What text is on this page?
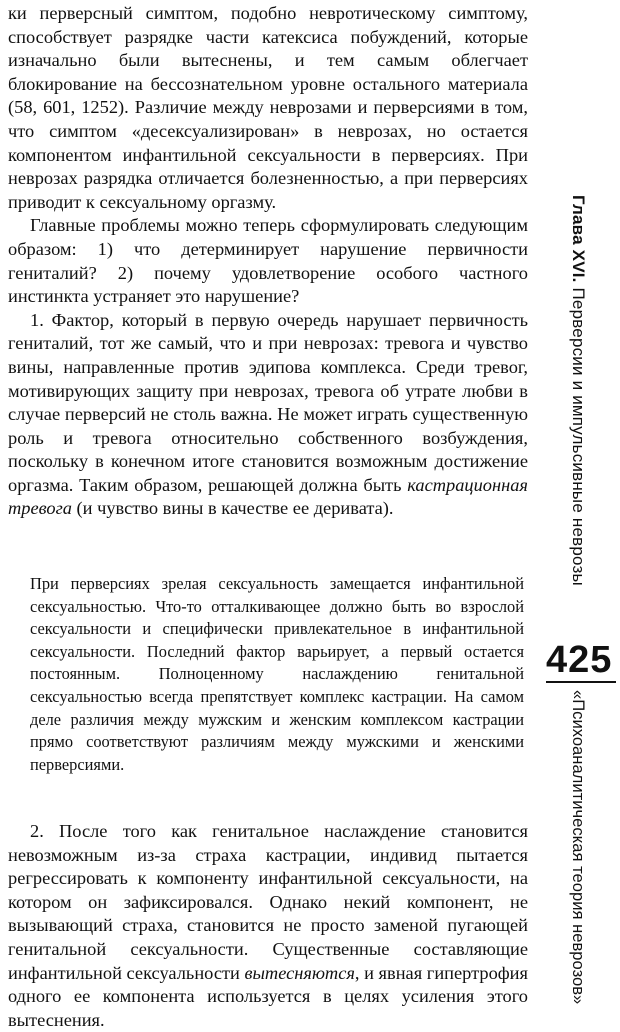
ки перверсный симптом, подобно невротическому симптому, способствует разрядке части катексиса побуждений, которые изначально были вытеснены, и тем самым облегчает блокирование на бессознательном уровне остального материала (58, 601, 1252). Различие между неврозами и перверсиями в том, что симптом «десексуализирован» в неврозах, но остается компонентом инфантильной сексуальности в перверсиях. При неврозах разрядка отличается болезненностью, а при перверсиях приводит к сексуальному оргазму.

Главные проблемы можно теперь сформулировать следующим образом: 1) что детерминирует нарушение первичности гениталий? 2) почему удовлетворение особого частного инстинкта устраняет это нарушение?

1. Фактор, который в первую очередь нарушает первичность гениталий, тот же самый, что и при неврозах: тревога и чувство вины, направленные против эдипова комплекса. Среди тревог, мотивирующих защиту при неврозах, тревога об утрате любви в случае перверсий не столь важна. Не может играть существенную роль и тревога относительно собственного возбуждения, поскольку в конечном итоге становится возможным достижение оргазма. Таким образом, решающей должна быть кастрационная тревога (и чувство вины в качестве ее деривата).

При перверсиях зрелая сексуальность замещается инфантильной сексуальностью. Что-то отталкивающее должно быть во взрослой сексуальности и специфически привлекательное в инфантильной сексуальности. Последний фактор варьирует, а первый остается постоянным. Полноценному наслаждению генитальной сексуальностью всегда препятствует комплекс кастрации. На самом деле различия между мужским и женским комплексом кастрации прямо соответствуют различиям между мужскими и женскими перверсиями.

2. После того как генитальное наслаждение становится невозможным из-за страха кастрации, индивид пытается регрессировать к компоненту инфантильной сексуальности, на котором он зафиксировался. Однако некий компонент, не вызывающий страха, становится не просто заменой пугающей генитальной сексуальности. Существенные составляющие инфантильной сексуальности вытесняются, и явная гипертрофия одного ее компонента используется в целях усиления этого вытеснения.

Глава XVI. Перверсии и импульсивные неврозы
425
«Психоаналитическая теория неврозов»
